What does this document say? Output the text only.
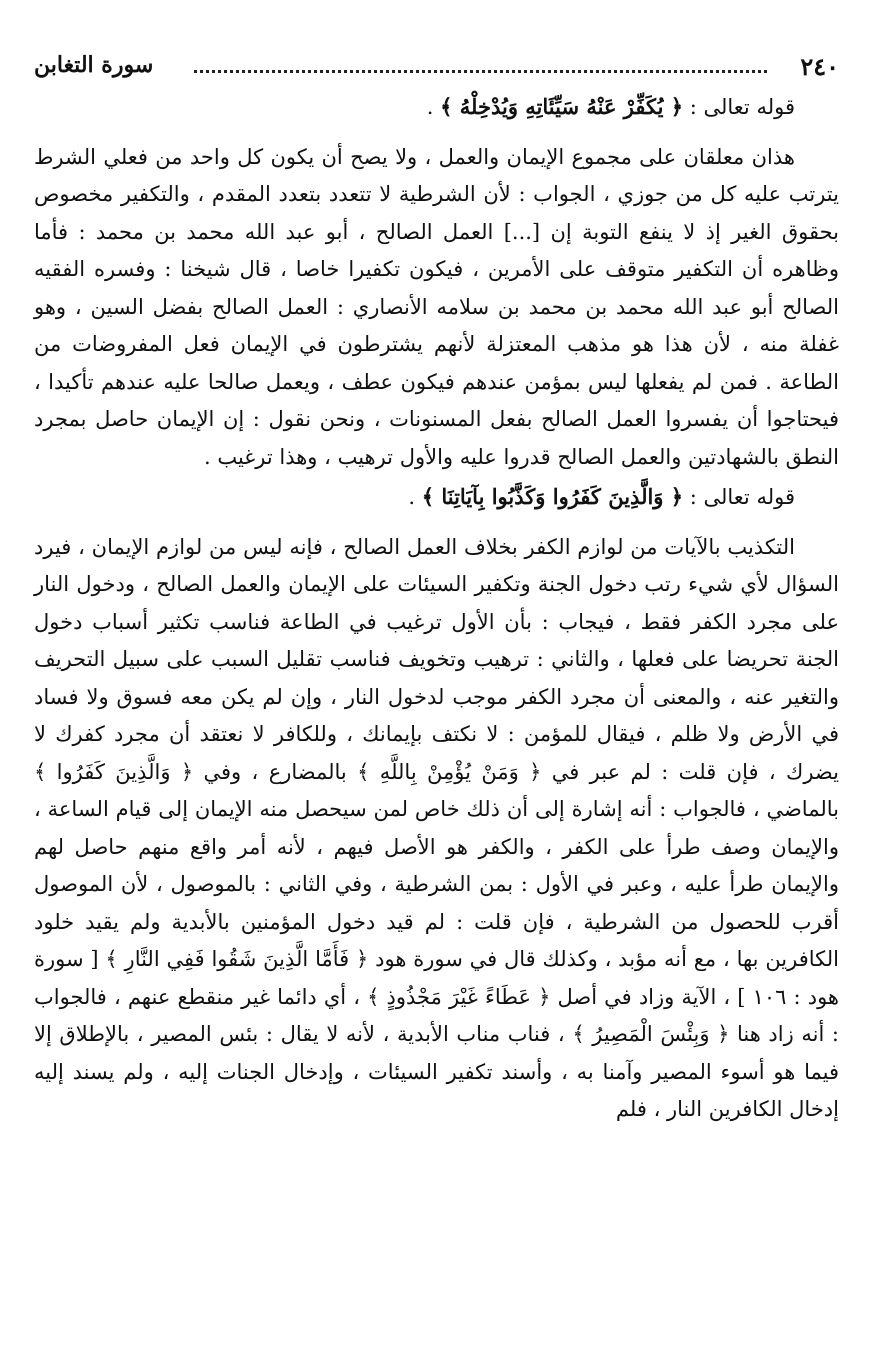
٢٤٠
سورة التغابن

قوله تعالى : ﴿ يُكَفِّرْ عَنْهُ سَيِّئَاتِهِ وَيُدْخِلْهُ ﴾ .

هذان معلقان على مجموع الإيمان والعمل ، ولا يصح أن يكون كل واحد من فعلي الشرط يترتب عليه كل من جوزي ، الجواب : لأن الشرطية لا تتعدد بتعدد المقدم ، والتكفير مخصوص بحقوق الغير إذ لا ينفع التوبة إن [...] العمل الصالح ، أبو عبد الله محمد بن محمد : فأما وظاهره أن التكفير متوقف على الأمرين ، فيكون تكفيرا خاصا ، قال شيخنا : وفسره الفقيه الصالح أبو عبد الله محمد بن محمد بن سلامه الأنصاري : العمل الصالح بفضل السين ، وهو غفلة منه ، لأن هذا هو مذهب المعتزلة لأنهم يشترطون في الإيمان فعل المفروضات من الطاعة . فمن لم يفعلها ليس بمؤمن عندهم فيكون عطف ، ويعمل صالحا عليه عندهم تأكيدا ، فيحتاجوا أن يفسروا العمل الصالح بفعل المسنونات ، ونحن نقول : إن الإيمان حاصل بمجرد النطق بالشهادتين والعمل الصالح قدروا عليه والأول ترهيب ، وهذا ترغيب .

قوله تعالى : ﴿ وَالَّذِينَ كَفَرُوا وَكَذَّبُوا بِآيَاتِنَا ﴾ .

التكذيب بالآيات من لوازم الكفر بخلاف العمل الصالح ، فإنه ليس من لوازم الإيمان ، فيرد السؤال لأي شيء رتب دخول الجنة وتكفير السيئات على الإيمان والعمل الصالح ، ودخول النار على مجرد الكفر فقط ، فيجاب : بأن الأول ترغيب في الطاعة فناسب تكثير أسباب دخول الجنة تحريضا على فعلها ، والثاني : ترهيب وتخويف فناسب تقليل السبب على سبيل التحريف والتغير عنه ، والمعنى أن مجرد الكفر موجب لدخول النار ، وإن لم يكن معه فسوق ولا فساد في الأرض ولا ظلم ، فيقال للمؤمن : لا نكتف بإيمانك ، وللكافر لا نعتقد أن مجرد كفرك لا يضرك ، فإن قلت : لم عبر في ﴿ وَمَنْ يُؤْمِنْ بِاللَّهِ ﴾ بالمضارع ، وفي ﴿ وَالَّذِينَ كَفَرُوا ﴾ بالماضي ، فالجواب : أنه إشارة إلى أن ذلك خاص لمن سيحصل منه الإيمان إلى قيام الساعة ، والإيمان وصف طرأ على الكفر ، والكفر هو الأصل فيهم ، لأنه أمر واقع منهم حاصل لهم والإيمان طرأ عليه ، وعبر في الأول : بمن الشرطية ، وفي الثاني : بالموصول ، لأن الموصول أقرب للحصول من الشرطية ، فإن قلت : لم قيد دخول المؤمنين بالأبدية ولم يقيد خلود الكافرين بها ، مع أنه مؤبد ، وكذلك قال في سورة هود ﴿ فَأَمَّا الَّذِينَ شَقُوا فَفِي النَّارِ ﴾ [ سورة هود : ١٠٦ ] ، الآية وزاد في أصل ﴿ عَطَاءً غَيْرَ مَجْذُوذٍ ﴾ ، أي دائما غير منقطع عنهم ، فالجواب : أنه زاد هنا ﴿ وَبِئْسَ الْمَصِيرُ ﴾ ، فناب مناب الأبدية ، لأنه لا يقال : بئس المصير ، بالإطلاق إلا فيما هو أسوء المصير وآمنا به ، وأسند تكفير السيئات ، وإدخال الجنات إليه ، ولم يسند إليه إدخال الكافرين النار ، فلم
